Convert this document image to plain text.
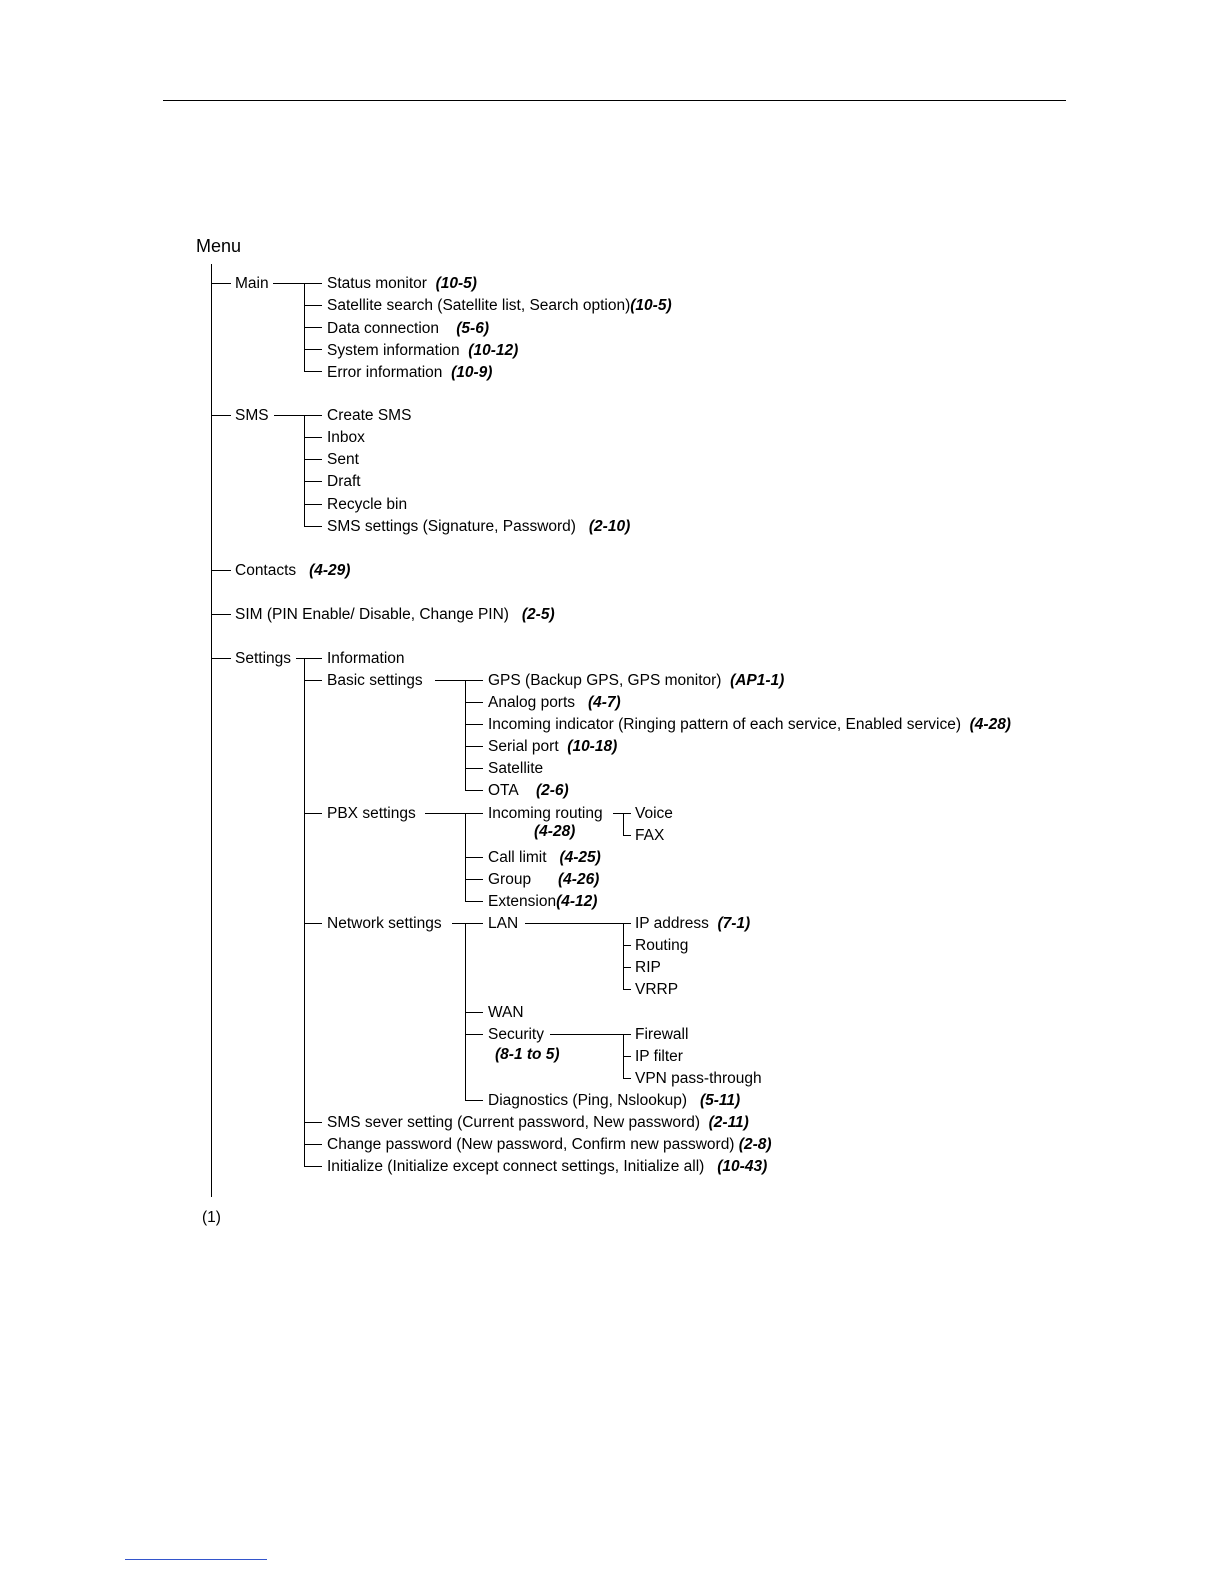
Menu
Main	Status monitor (10-5)
Satellite search (Satellite list, Search option)(10-5)
Data connection (5-6)
System information (10-12)
Error information (10-9)
SMS	Create SMS
Inbox
Sent
Draft
Recycle bin
SMS settings (Signature, Password) (2-10)
Contacts (4-29)
SIM (PIN Enable/ Disable, Change PIN) (2-5)
Settings Information
Basic settings	GPS (Backup GPS, GPS monitor) (AP1-1)
Analog ports (4-7)
Incoming indicator (Ringing pattern of each service, Enabled service) (4-28)
Serial port (10-18)
Satellite
OTA (2-6)
PBX settings	Incoming routing
(4-28)
Voice
FAX
Call limit (4-25)
Group (4-26)
Extension(4-12)
Network settings	LAN	IP address (7-1)
Routing
RIP
VRRP
WAN
Security
(8-1 to 5)
Firewall
IP filter
VPN pass-through
Diagnostics (Ping, Nslookup) (5-11)
SMS sever setting (Current password, New password) (2-11)
Change password (New password, Confirm new password) (2-8)
Initialize (Initialize except connect settings, Initialize all) (10-43)
(1)
